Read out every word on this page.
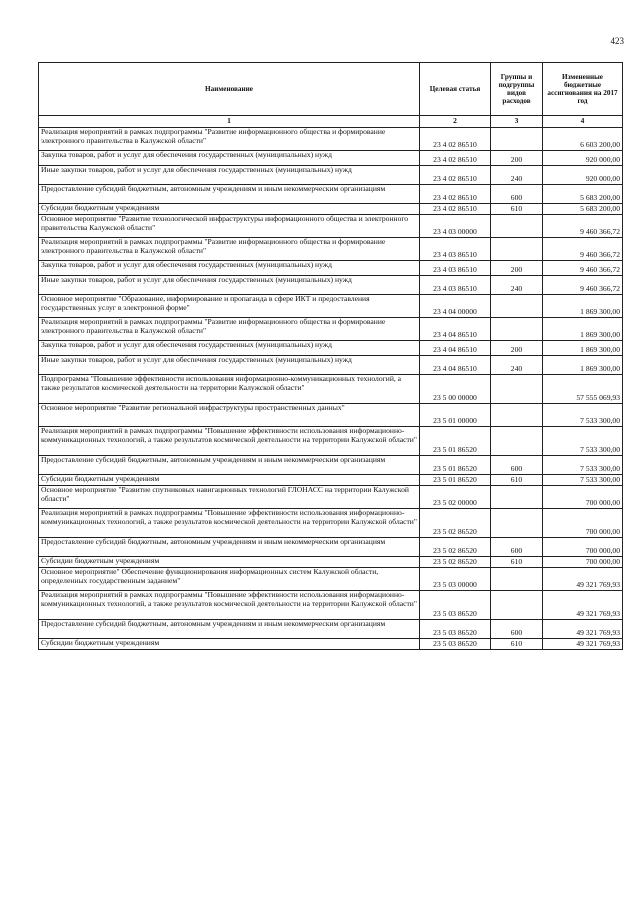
423
Наименование	Целевая статья	Группы и подгруппы видов расходов	Измененные бюджетные ассигнования на 2017 год
1	2	3	4
Реализация мероприятий в рамках подпрограммы "Развитие информационного общества и формирование электронного правительства в Калужской области"	23 4 02 86510		6 603 200,00
Закупка товаров, работ и услуг для обеспечения государственных (муниципальных) нужд	23 4 02 86510	200	920 000,00
Иные закупки товаров, работ и услуг для обеспечения государственных (муниципальных) нужд	23 4 02 86510	240	920 000,00
Предоставление субсидий бюджетным, автономным учреждениям и иным некоммерческим организациям	23 4 02 86510	600	5 683 200,00
Субсидии бюджетным учреждениям	23 4 02 86510	610	5 683 200,00
Основное мероприятие "Развитие технологической инфраструктуры информационного общества и электронного правительства Калужской области"	23 4 03 00000		9 460 366,72
Реализация мероприятий в рамках подпрограммы "Развитие информационного общества и формирование электронного правительства в Калужской области"	23 4 03 86510		9 460 366,72
Закупка товаров, работ и услуг для обеспечения государственных (муниципальных) нужд	23 4 03 86510	200	9 460 366,72
Иные закупки товаров, работ и услуг для обеспечения государственных (муниципальных) нужд	23 4 03 86510	240	9 460 366,72
Основное мероприятие "Образование, информирование и пропаганда в сфере ИКТ и предоставления государственных услуг в электронной форме"	23 4 04 00000		1 869 300,00
Реализация мероприятий в рамках подпрограммы "Развитие информационного общества и формирование электронного правительства в Калужской области"	23 4 04 86510		1 869 300,00
Закупка товаров, работ и услуг для обеспечения государственных (муниципальных) нужд	23 4 04 86510	200	1 869 300,00
Иные закупки товаров, работ и услуг для обеспечения государственных (муниципальных) нужд	23 4 04 86510	240	1 869 300,00
Подпрограмма "Повышение эффективности использования информационно-коммуникационных технологий, а также результатов космической деятельности на территории Калужской области"	23 5 00 00000		57 555 069,93
Основное мероприятие "Развитие региональной инфраструктуры пространственных данных"	23 5 01 00000		7 533 300,00
Реализация мероприятий в рамках подпрограммы "Повышение эффективности использования информационно-коммуникационных технологий, а также результатов космической деятельности на территории Калужской области"	23 5 01 86520		7 533 300,00
Предоставление субсидий бюджетным, автономным учреждениям и иным некоммерческим организациям	23 5 01 86520	600	7 533 300,00
Субсидии бюджетным учреждениям	23 5 01 86520	610	7 533 300,00
Основное мероприятие "Развитие спутниковых навигационных технологий ГЛОНАСС на территории Калужской области"	23 5 02 00000		700 000,00
Реализация мероприятий в рамках подпрограммы "Повышение эффективности использования информационно-коммуникационных технологий, а также результатов космической деятельности на территории Калужской области"	23 5 02 86520		700 000,00
Предоставление субсидий бюджетным, автономным учреждениям и иным некоммерческим организациям	23 5 02 86520	600	700 000,00
Субсидии бюджетным учреждениям	23 5 02 86520	610	700 000,00
Основное мероприятие" Обеспечение функционирования информационных систем Калужской области, определенных государственным заданием"	23 5 03 00000		49 321 769,93
Реализация мероприятий в рамках подпрограммы "Повышение эффективности использования информационно-коммуникационных технологий, а также результатов космической деятельности на территории Калужской области"	23 5 03 86520		49 321 769,93
Предоставление субсидий бюджетным, автономным учреждениям и иным некоммерческим организациям	23 5 03 86520	600	49 321 769,93
Субсидии бюджетным учреждениям	23 5 03 86520	610	49 321 769,93
